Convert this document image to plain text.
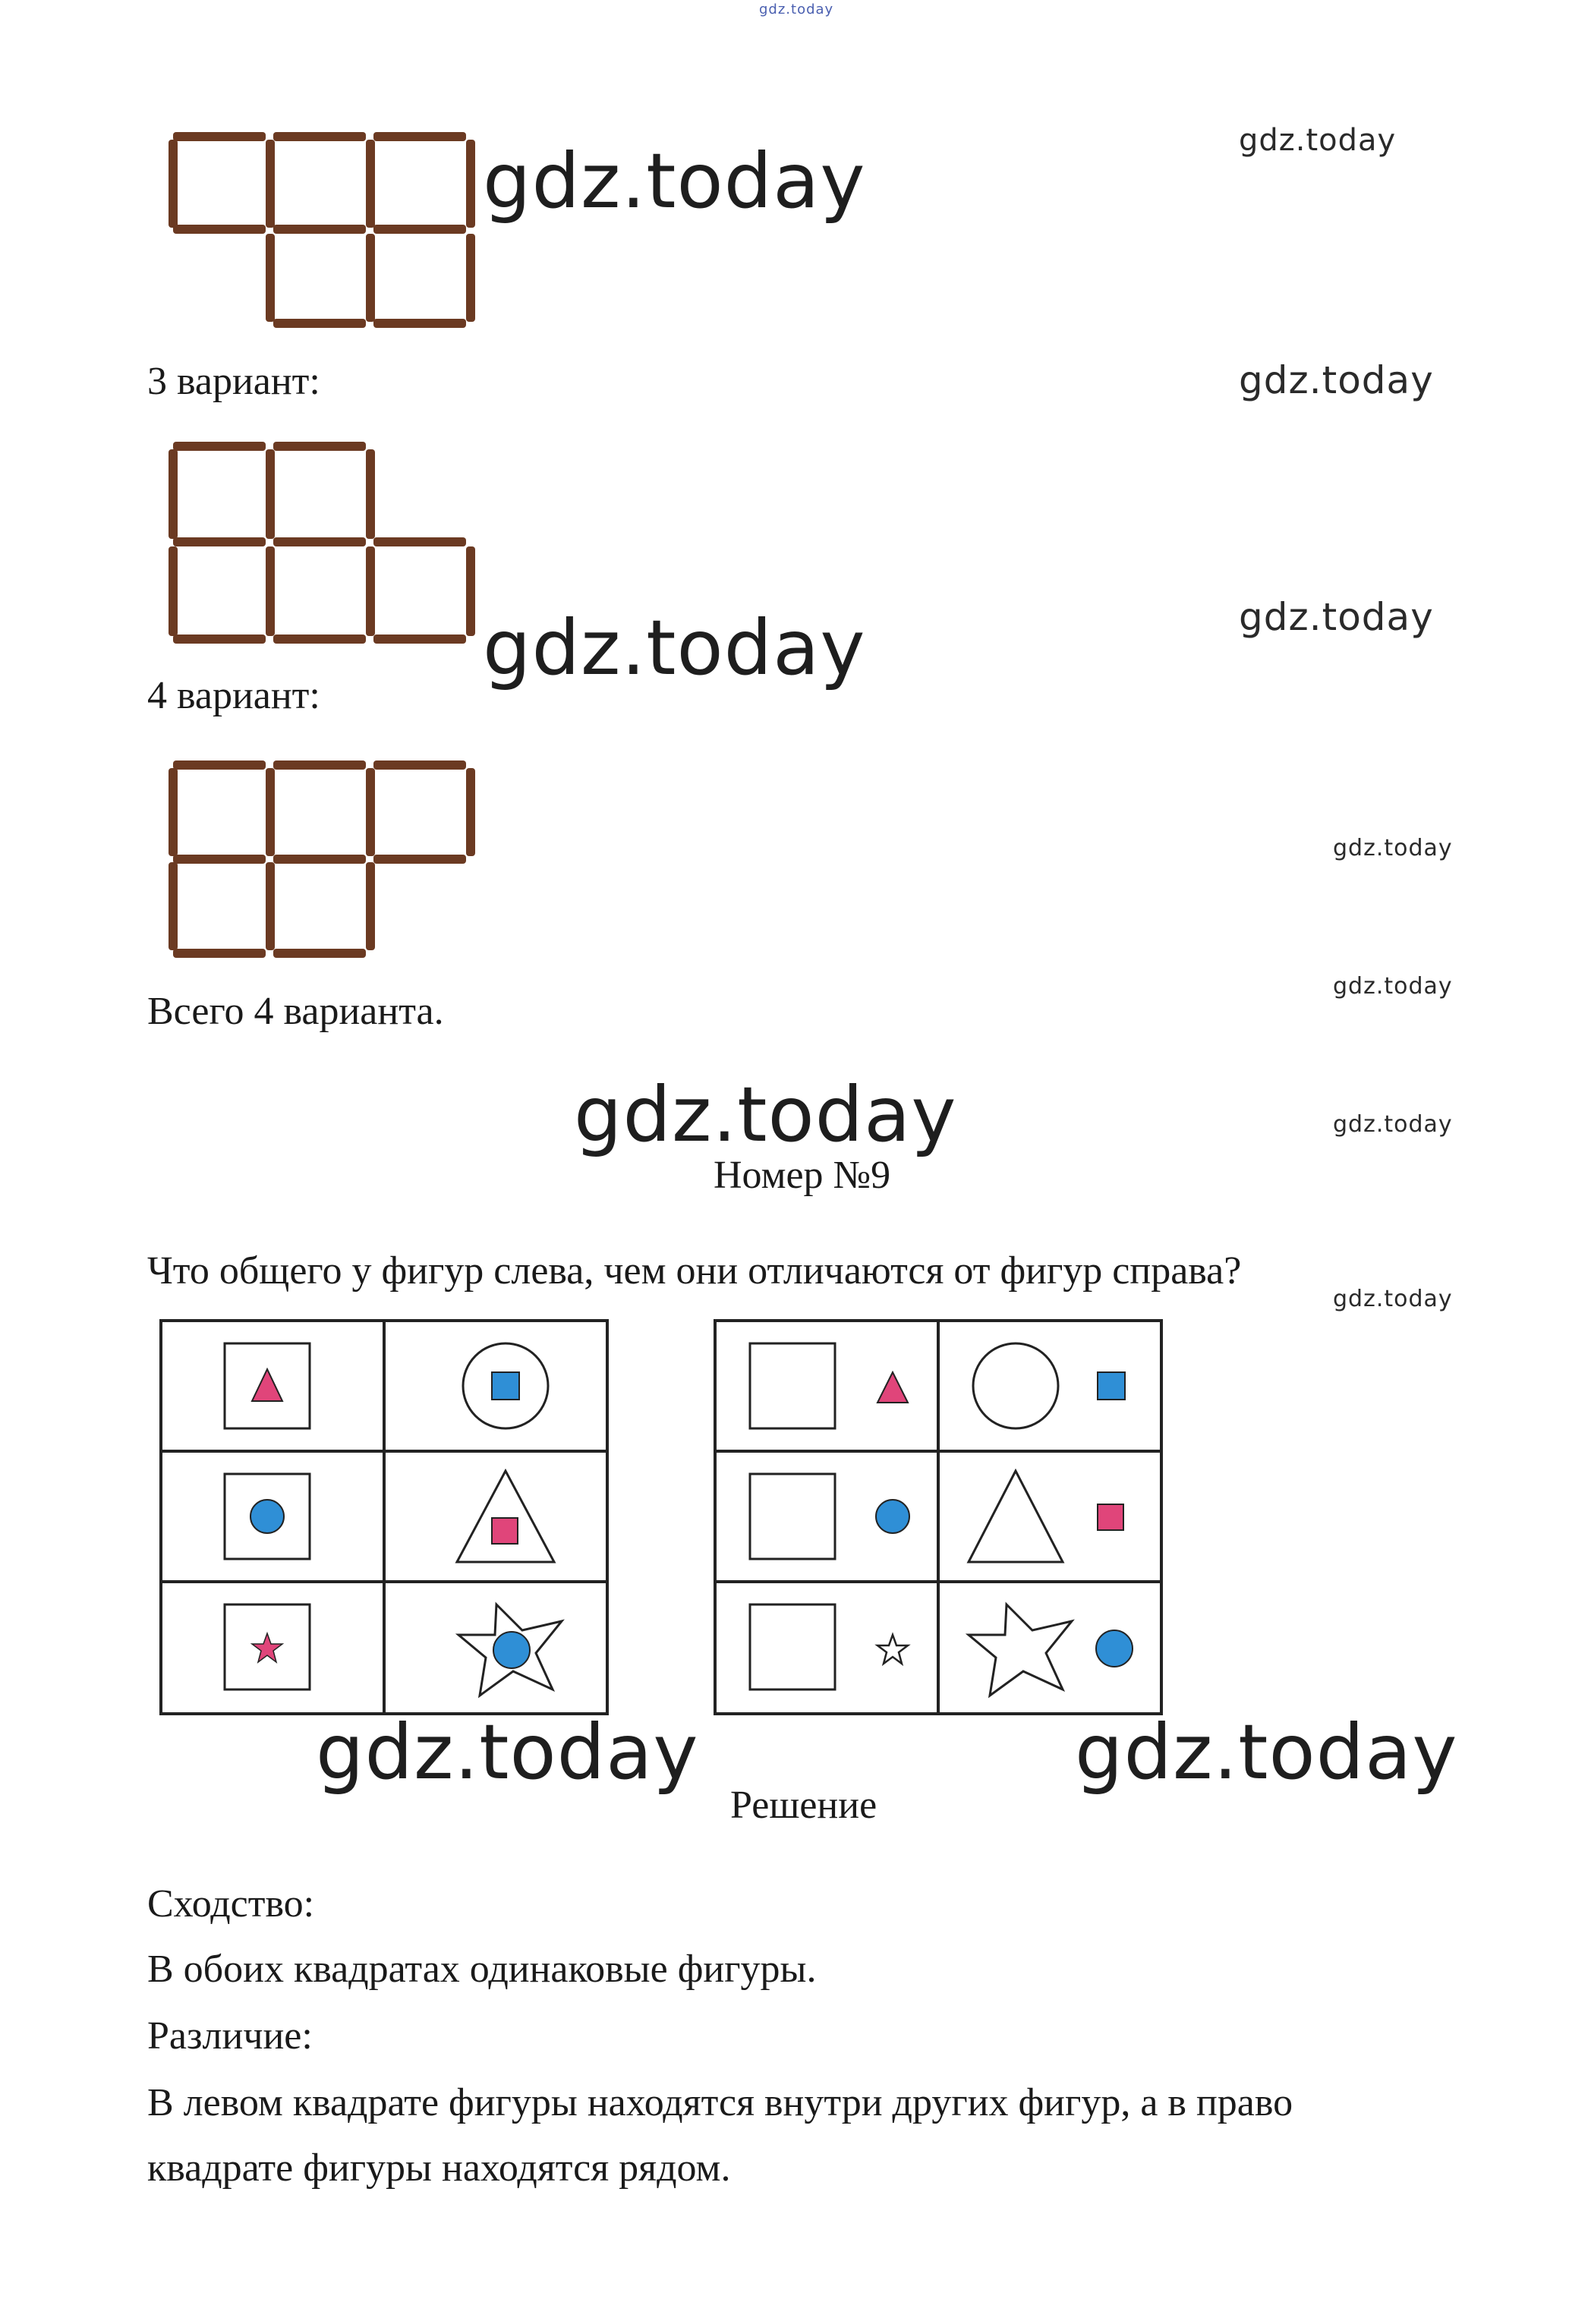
gdz.today
gdz.today	gdz.today
gdz.today
gdz.today
gdz.today
gdz.today
gdz.today
gdz.today	gdz.today
gdz.today
gdz.today	gdz.today
3 вариант:
4 вариант:
Всего 4 варианта.
Номер №9
Что общего у фигур слева, чем они отличаются от фигур справа?
Решение
Сходство:
В обоих квадратах одинаковые фигуры.
Различие:
В левом квадрате фигуры находятся внутри других фигур, а в право
квадрате фигуры находятся рядом.
